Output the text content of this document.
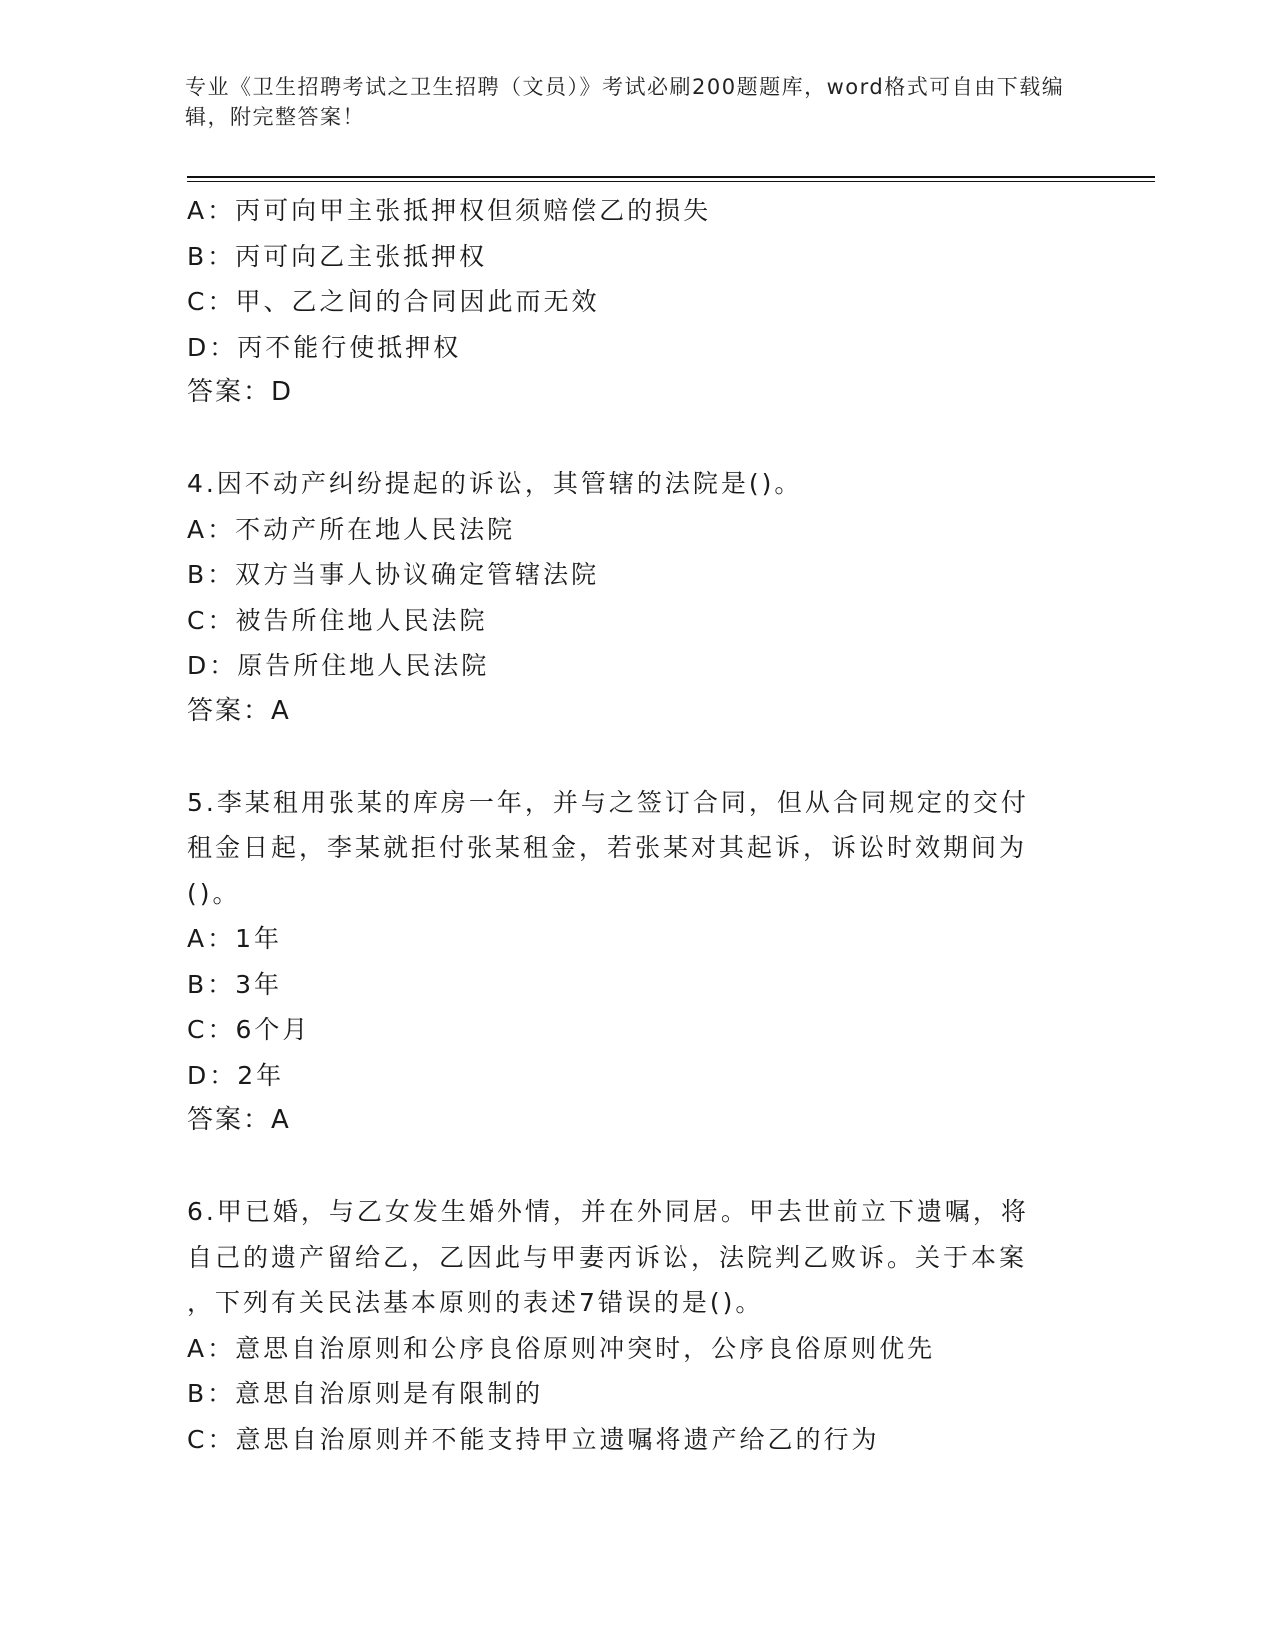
专业《卫生招聘考试之卫生招聘（文员）》考试必刷200题题库，word格式可自由下载编辑，附完整答案！
A：丙可向甲主张抵押权但须赔偿乙的损失
B：丙可向乙主张抵押权
C：甲、乙之间的合同因此而无效
D：丙不能行使抵押权
答案：D
4.因不动产纠纷提起的诉讼，其管辖的法院是()。
A：不动产所在地人民法院
B：双方当事人协议确定管辖法院
C：被告所住地人民法院
D：原告所住地人民法院
答案：A
5.李某租用张某的库房一年，并与之签订合同，但从合同规定的交付
租金日起，李某就拒付张某租金，若张某对其起诉，诉讼时效期间为
()。
A：1年
B：3年
C：6个月
D：2年
答案：A
6.甲已婚，与乙女发生婚外情，并在外同居。甲去世前立下遗嘱，将
自己的遗产留给乙，乙因此与甲妻丙诉讼，法院判乙败诉。关于本案
，下列有关民法基本原则的表述7错误的是()。
A：意思自治原则和公序良俗原则冲突时，公序良俗原则优先
B：意思自治原则是有限制的
C：意思自治原则并不能支持甲立遗嘱将遗产给乙的行为
